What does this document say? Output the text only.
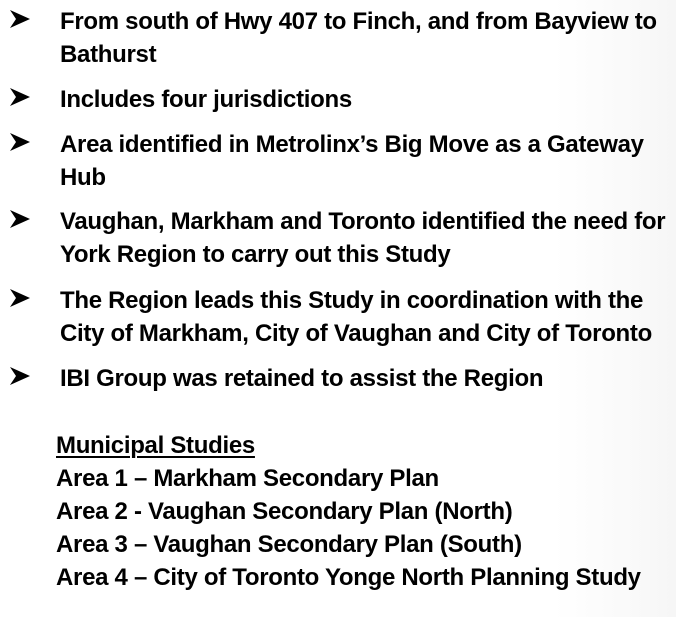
From south of Hwy 407 to Finch, and from Bayview to
Bathurst
Includes four jurisdictions
Area identified in Metrolinx’s Big Move as a Gateway
Hub
Vaughan, Markham and Toronto identified the need for
York Region to carry out this Study
The Region leads this Study in coordination with the
City of Markham, City of Vaughan and City of Toronto
IBI Group was retained to assist the Region
Municipal Studies
Area 1 – Markham Secondary Plan
Area 2 - Vaughan Secondary Plan (North)
Area 3 – Vaughan Secondary Plan (South)
Area 4 – City of Toronto Yonge North Planning Study
